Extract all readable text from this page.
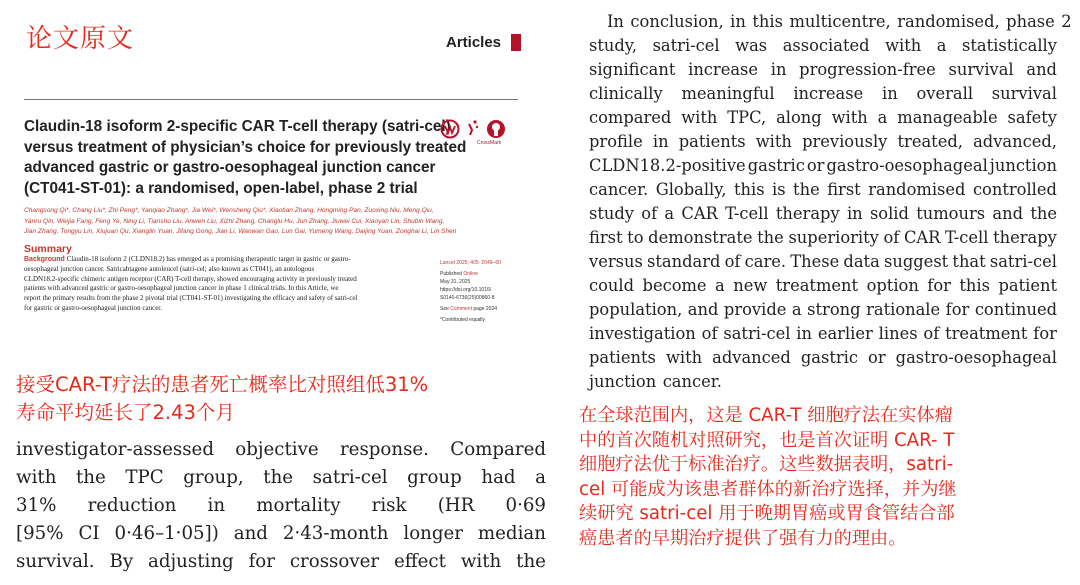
论文原文	Articles
Claudin-18 isoform 2-specific CAR T-cell therapy (satri-cel)
versus treatment of physician’s choice for previously treated
advanced gastric or gastro-oesophageal junction cancer
(CT041-ST-01): a randomised, open-label, phase 2 trial
CrossMark
Changsong Qi*, Chang Liu*, Zhi Peng*, Yanqiao Zhang*, Jia Wei*, Wensheng Qiu*, Xiaotian Zhang, Hongming Pan, Zuoxing Niu, Meng Qiu,
Yanru Qin, Weijia Fang, Feng Ye, Ning Li, Tianshu Liu, Anwen Liu, Xizhi Zhang, Changlu Hu, Jun Zhang, Jiuwei Cui, Xiaoyan Lin, Shubin Wang,
Jian Zhang, Tongyu Lin, Xiujuan Qu, Xianglin Yuan, Jifang Gong, Jian Li, Wanwan Gao, Lun Gai, Yumeng Wang, Daijing Yuan, Zonghai Li, Lin Shen
Summary
Background Claudin-18 isoform 2 (CLDN18.2) has emerged as a promising therapeutic target in gastric or gastro-
oesophageal junction cancer. Satricabtagene autoleucel (satri-cel; also known as CT041), an autologous
CLDN18.2-specific chimeric antigen receptor (CAR) T-cell therapy, showed encouraging activity in previously treated
patients with advanced gastric or gastro-oesophageal junction cancer in phase 1 clinical trials. In this Article, we
report the primary results from the phase 2 pivotal trial (CT041-ST-01) investigating the efficacy and safety of satri-cel
for gastric or gastro-oesophageal junction cancer.
Lancet 2025; 405: 2049–60
Published Online
May 31, 2025
https://doi.org/10.1016/
S0140-6736(25)00860-8
See Comment page 2024
*Contributed equally
接受CAR-T疗法的患者死亡概率比对照组低31%
寿命平均延长了2.43个月
investigator-assessed objective response. Compared
with the TPC group, the satri-cel group had a
31% reduction in mortality risk (HR 0·69
[95% CI 0·46–1·05]) and 2·43-month longer median
survival. By adjusting for crossover effect with the
In conclusion, in this multicentre, randomised, phase 2
study, satri-cel was associated with a statistically
significant increase in progression-free survival and
clinically meaningful increase in overall survival
compared with TPC, along with a manageable safety
profile in patients with previously treated, advanced,
CLDN18.2-positive gastric or gastro-oesophageal junction
cancer. Globally, this is the first randomised controlled
study of a CAR T-cell therapy in solid tumours and the
first to demonstrate the superiority of CAR T-cell therapy
versus standard of care. These data suggest that satri-cel
could become a new treatment option for this patient
population, and provide a strong rationale for continued
investigation of satri-cel in earlier lines of treatment for
patients with advanced gastric or gastro-oesophageal
junction cancer.
在全球范围内，这是 CAR-T 细胞疗法在实体瘤
中的首次随机对照研究，也是首次证明 CAR- T
细胞疗法优于标准治疗。这些数据表明，satri-
cel 可能成为该患者群体的新治疗选择，并为继
续研究 satri-cel 用于晚期胃癌或胃食管结合部
癌患者的早期治疗提供了强有力的理由。
